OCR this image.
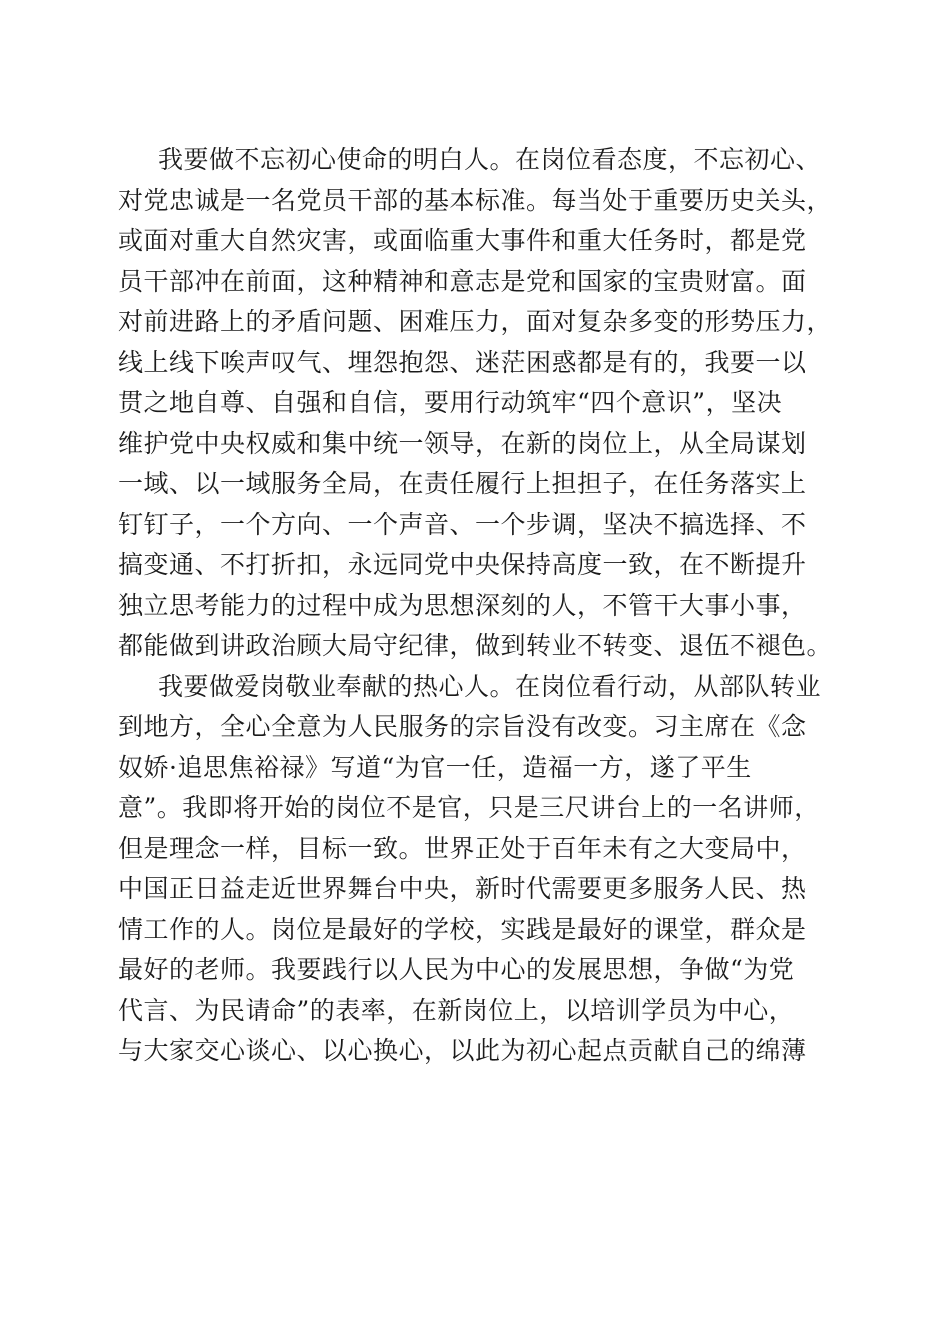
我要做不忘初心使命的明白人。在岗位看态度，不忘初心、
对党忠诚是一名党员干部的基本标准。每当处于重要历史关头，
或面对重大自然灾害，或面临重大事件和重大任务时，都是党
员干部冲在前面，这种精神和意志是党和国家的宝贵财富。面
对前进路上的矛盾问题、困难压力，面对复杂多变的形势压力，
线上线下唉声叹气、埋怨抱怨、迷茫困惑都是有的，我要一以
贯之地自尊、自强和自信，要用行动筑牢“四个意识”，坚决
维护党中央权威和集中统一领导，在新的岗位上，从全局谋划
一域、以一域服务全局，在责任履行上担担子，在任务落实上
钉钉子，一个方向、一个声音、一个步调，坚决不搞选择、不
搞变通、不打折扣，永远同党中央保持高度一致，在不断提升
独立思考能力的过程中成为思想深刻的人，不管干大事小事，
都能做到讲政治顾大局守纪律，做到转业不转变、退伍不褪色。
我要做爱岗敬业奉献的热心人。在岗位看行动，从部队转业
到地方，全心全意为人民服务的宗旨没有改变。习主席在《念
奴娇·追思焦裕禄》写道“为官一任，造福一方，遂了平生
意”。我即将开始的岗位不是官，只是三尺讲台上的一名讲师，
但是理念一样，目标一致。世界正处于百年未有之大变局中，
中国正日益走近世界舞台中央，新时代需要更多服务人民、热
情工作的人。岗位是最好的学校，实践是最好的课堂，群众是
最好的老师。我要践行以人民为中心的发展思想，争做“为党
代言、为民请命”的表率，在新岗位上，以培训学员为中心，
与大家交心谈心、以心换心，以此为初心起点贡献自己的绵薄
